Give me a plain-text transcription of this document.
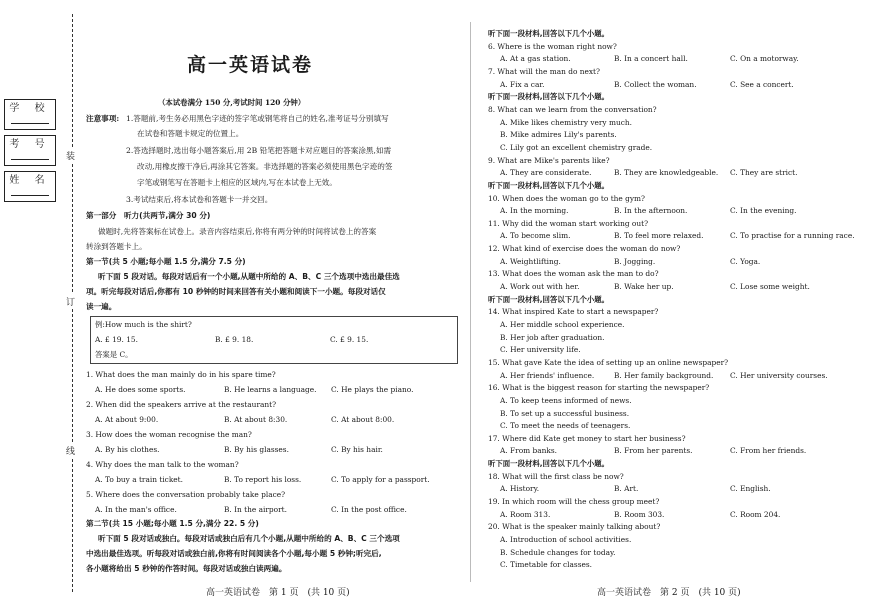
装
订
线
学 校
考 号
姓 名
高一英语试卷
（本试卷满分 150 分,考试时间 120 分钟）
注意事项: 1.答题前,考生务必用黑色字迹的签字笔或钢笔将自己的姓名,准考证号分别填写
在试卷和答题卡规定的位置上。
2.答选择题时,选出每小题答案后,用 2B 铅笔把答题卡对应题目的答案涂黑,如需
改动,用橡皮擦干净后,再涂其它答案。非选择题的答案必须使用黑色字迹的签
字笔或钢笔写在答题卡上相应的区域内,写在本试卷上无效。
3.考试结束后,将本试卷和答题卡一并交回。
第一部分　听力(共两节,满分 30 分)
做题时,先将答案标在试卷上。录音内容结束后,你将有两分钟的时间将试卷上的答案
转涂到答题卡上。
第一节(共 5 小题;每小题 1.5 分,满分 7.5 分)
听下面 5 段对话。每段对话后有一个小题,从题中所给的 A、B、C 三个选项中选出最佳选
项。听完每段对话后,你都有 10 秒钟的时间来回答有关小题和阅读下一小题。每段对话仅
读一遍。
例:How much is the shirt?
A. £ 19. 15.	B. £ 9. 18.	C. £ 9. 15.
答案是 C。
1. What does the man mainly do in his spare time?
A. He does some sports.	B. He learns a language. C. He plays the piano.
2. When did the speakers arrive at the restaurant?
A. At about 9:00.	B. At about 8:30.	C. At about 8:00.
3. How does the woman recognise the man?
A. By his clothes.	B. By his glasses.	C. By his hair.
4. Why does the man talk to the woman?
A. To buy a train ticket.	B. To report his loss.	C. To apply for a passport.
5. Where does the conversation probably take place?
A. In the man's office.	B. In the airport.	C. In the post office.
第二节(共 15 小题;每小题 1.5 分,满分 22. 5 分)
听下面 5 段对话或独白。每段对话或独白后有几个小题,从题中所给的 A、B、C 三个选项
中选出最佳选项。听每段对话或独白前,你将有时间阅读各个小题,每小题 5 秒钟;听完后,
各小题将给出 5 秒钟的作答时间。每段对话或独白读两遍。
高一英语试卷　第 1 页　(共 10 页)
听下面一段材料,回答以下几个小题。
6. Where is the woman right now?
A. At a gas station.	B. In a concert hall.	C. On a motorway.
7. What will the man do next?
A. Fix a car.	B. Collect the woman.	C. See a concert.
听下面一段材料,回答以下几个小题。
8. What can we learn from the conversation?
A. Mike likes chemistry very much.
B. Mike admires Lily's parents.
C. Lily got an excellent chemistry grade.
9. What are Mike's parents like?
A. They are considerate.	B. They are knowledgeable. C. They are strict.
听下面一段材料,回答以下几个小题。
10. When does the woman go to the gym?
A. In the morning.	B. In the afternoon.	C. In the evening.
11. Why did the woman start working out?
A. To become slim.	B. To feel more relaxed.	C. To practise for a running race.
12. What kind of exercise does the woman do now?
A. Weightlifting.	B. Jogging.	C. Yoga.
13. What does the woman ask the man to do?
A. Work out with her.	B. Wake her up.	C. Lose some weight.
听下面一段材料,回答以下几个小题。
14. What inspired Kate to start a newspaper?
A. Her middle school experience.
B. Her job after graduation.
C. Her university life.
15. What gave Kate the idea of setting up an online newspaper?
A. Her friends' influence.	B. Her family background. C. Her university courses.
16. What is the biggest reason for starting the newspaper?
A. To keep teens informed of news.
B. To set up a successful business.
C. To meet the needs of teenagers.
17. Where did Kate get money to start her business?
A. From banks.	B. From her parents.	C. From her friends.
听下面一段材料,回答以下几个小题。
18. What will the first class be now?
A. History.	B. Art.	C. English.
19. In which room will the chess group meet?
A. Room 313.	B. Room 303.	C. Room 204.
20. What is the speaker mainly talking about?
A. Introduction of school activities.
B. Schedule changes for today.
C. Timetable for classes.
高一英语试卷　第 2 页　(共 10 页)
